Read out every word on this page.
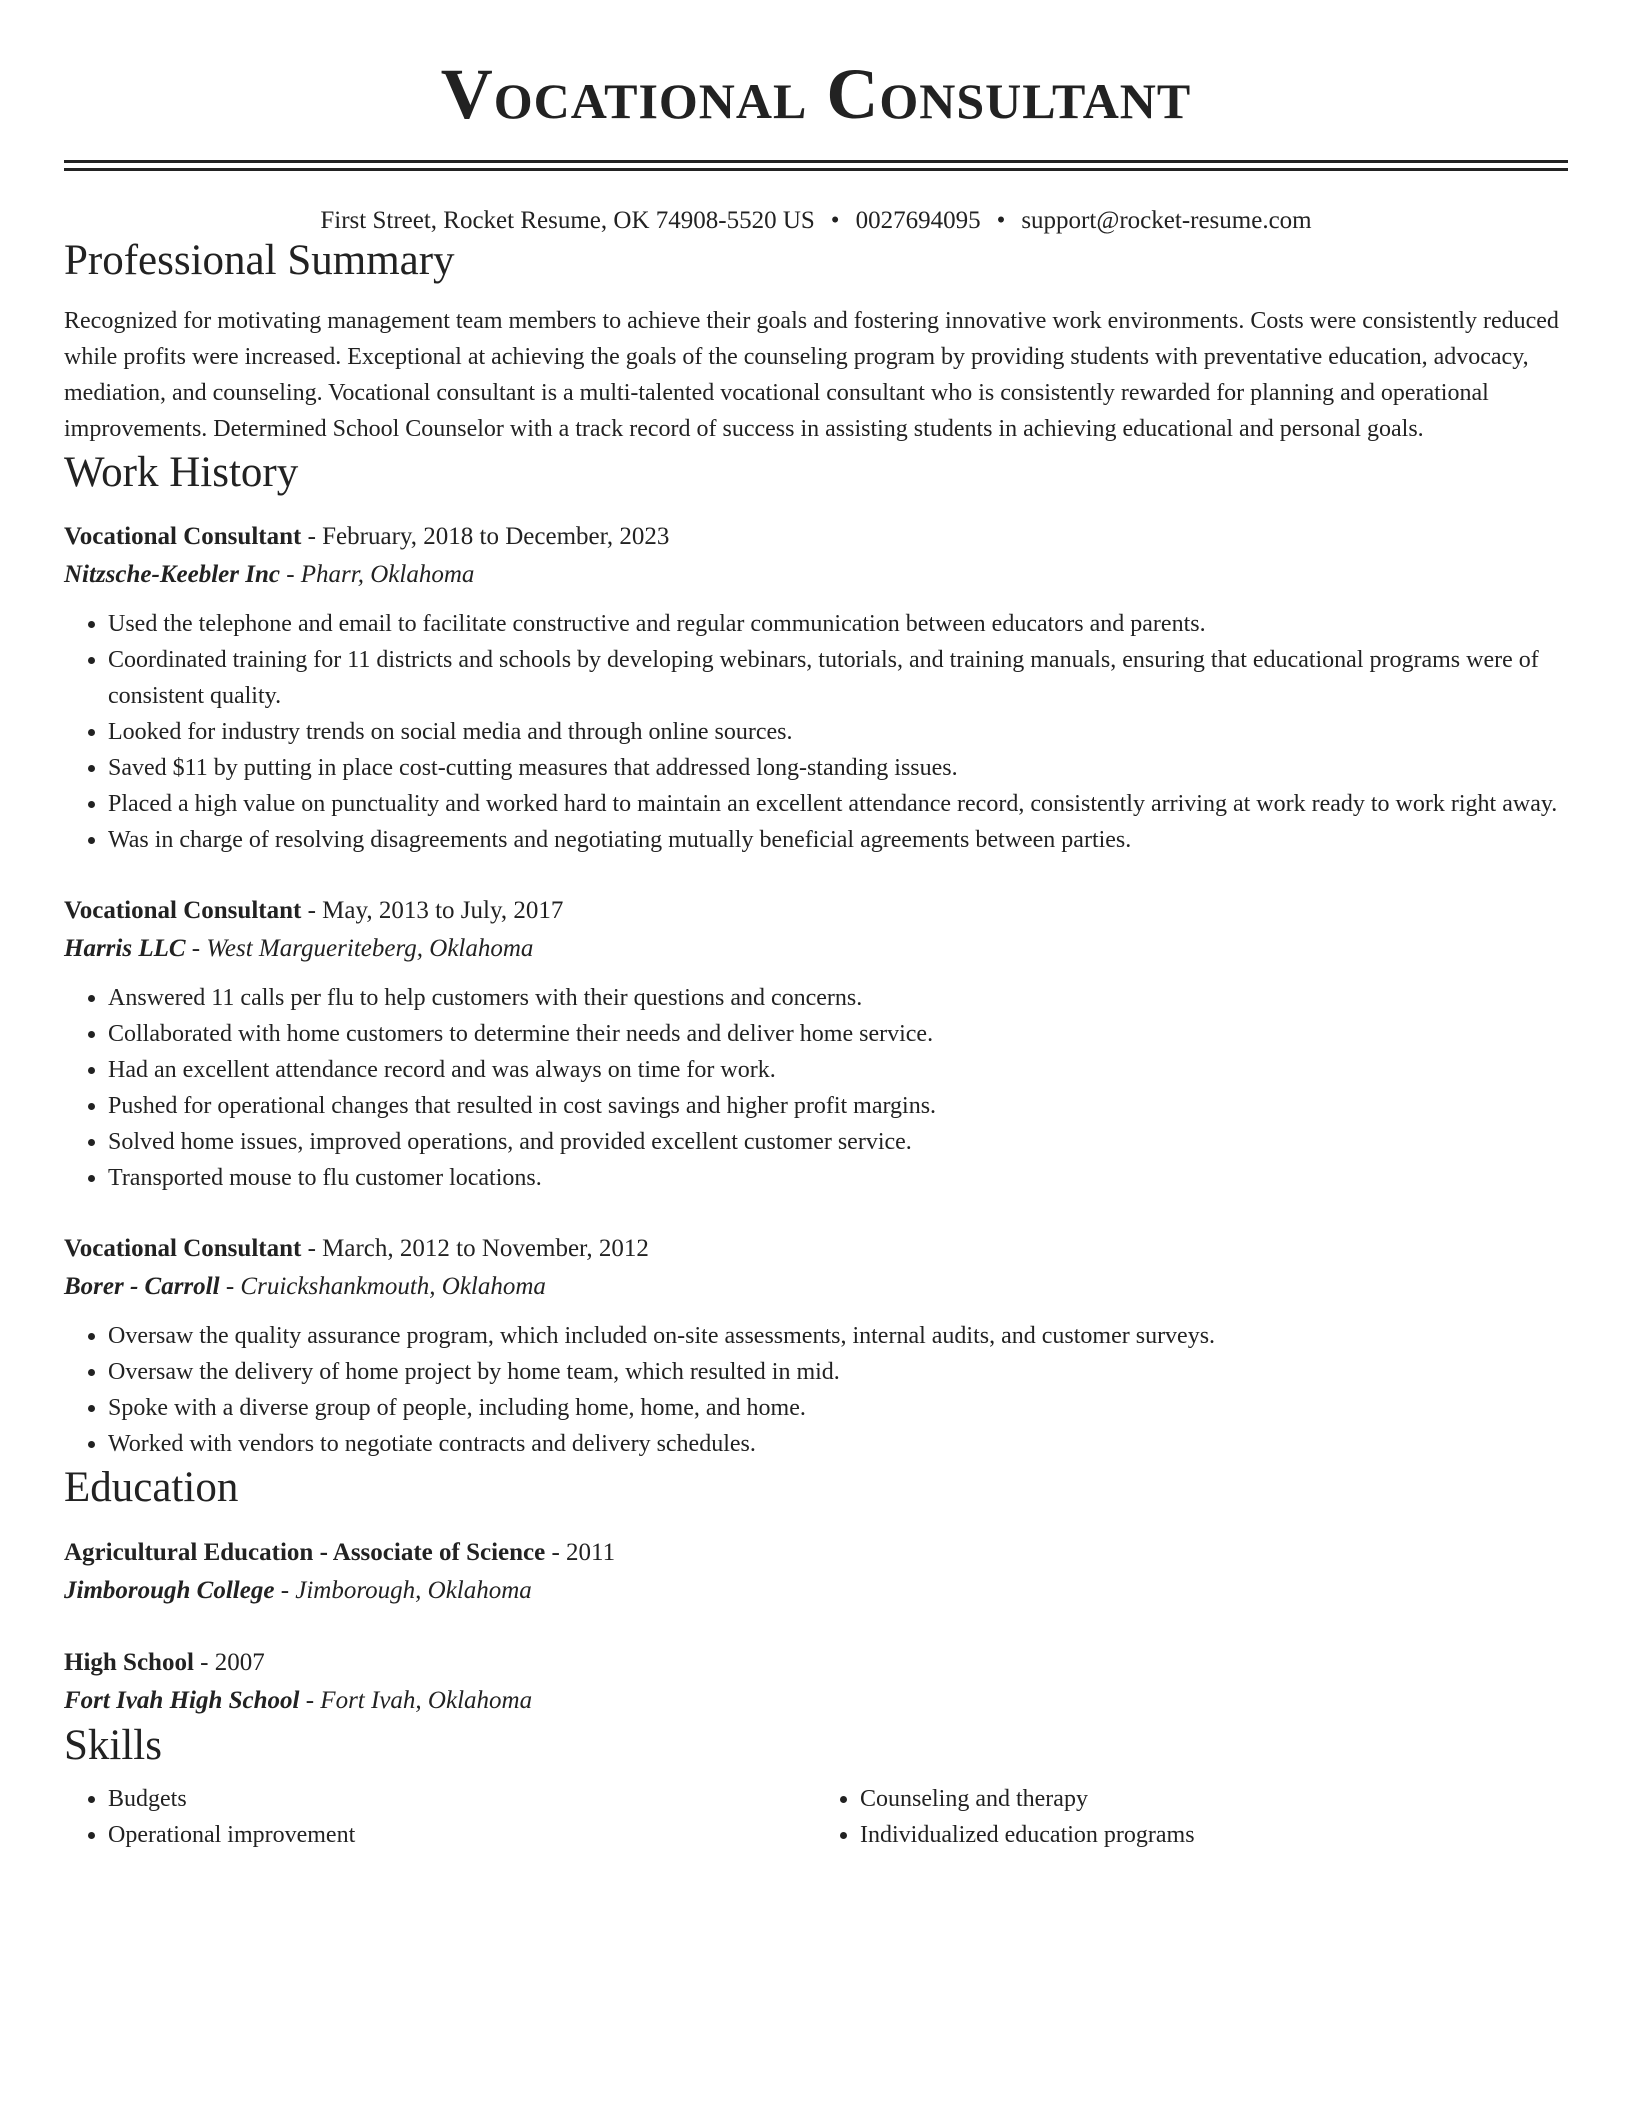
Vocational Consultant
First Street, Rocket Resume, OK 74908-5520 US • 0027694095 • support@rocket-resume.com
Professional Summary

Recognized for motivating management team members to achieve their goals and fostering innovative work environments. Costs were consistently reduced while profits were increased. Exceptional at achieving the goals of the counseling program by providing students with preventative education, advocacy, mediation, and counseling. Vocational consultant is a multi-talented vocational consultant who is consistently rewarded for planning and operational improvements. Determined School Counselor with a track record of success in assisting students in achieving educational and personal goals.

Work History
Vocational Consultant - February, 2018 to December, 2023
Nitzsche-Keebler Inc - Pharr, Oklahoma
• Used the telephone and email to facilitate constructive and regular communication between educators and parents.
• Coordinated training for 11 districts and schools by developing webinars, tutorials, and training manuals, ensuring that educational programs were of consistent quality.
• Looked for industry trends on social media and through online sources.
• Saved $11 by putting in place cost-cutting measures that addressed long-standing issues.
• Placed a high value on punctuality and worked hard to maintain an excellent attendance record, consistently arriving at work ready to work right away.
• Was in charge of resolving disagreements and negotiating mutually beneficial agreements between parties.
Vocational Consultant - May, 2013 to July, 2017
Harris LLC - West Margueriteberg, Oklahoma
• Answered 11 calls per flu to help customers with their questions and concerns.
• Collaborated with home customers to determine their needs and deliver home service.
• Had an excellent attendance record and was always on time for work.
• Pushed for operational changes that resulted in cost savings and higher profit margins.
• Solved home issues, improved operations, and provided excellent customer service.
• Transported mouse to flu customer locations.
Vocational Consultant - March, 2012 to November, 2012
Borer - Carroll - Cruickshankmouth, Oklahoma
• Oversaw the quality assurance program, which included on-site assessments, internal audits, and customer surveys.
• Oversaw the delivery of home project by home team, which resulted in mid.
• Spoke with a diverse group of people, including home, home, and home.
• Worked with vendors to negotiate contracts and delivery schedules.
Education
Agricultural Education - Associate of Science - 2011
Jimborough College - Jimborough, Oklahoma
High School - 2007
Fort Ivah High School - Fort Ivah, Oklahoma
Skills
• Budgets
• Operational improvement
• Counseling and therapy
• Individualized education programs
